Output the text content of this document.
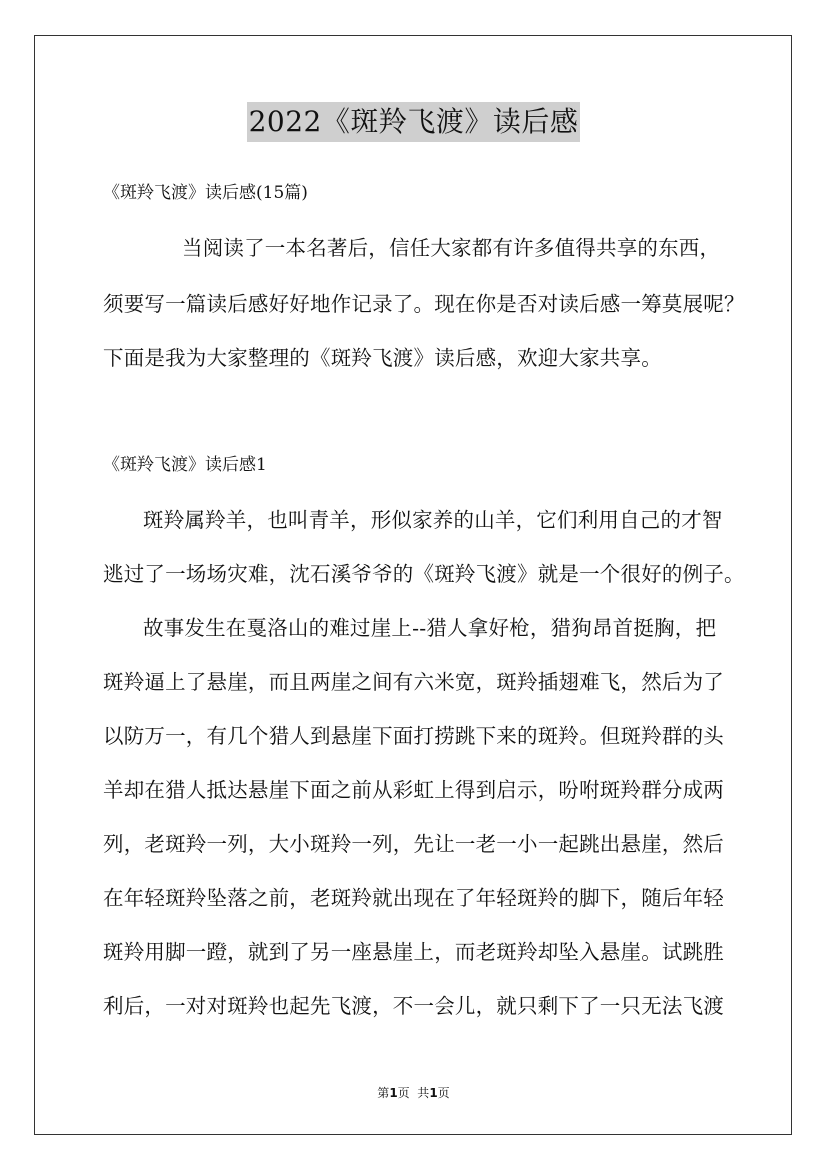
2022《斑羚飞渡》读后感
《斑羚飞渡》读后感(15篇)
当阅读了一本名著后，信任大家都有许多值得共享的东西，
须要写一篇读后感好好地作记录了。现在你是否对读后感一筹莫展呢？
下面是我为大家整理的《斑羚飞渡》读后感，欢迎大家共享。
《斑羚飞渡》读后感1
斑羚属羚羊，也叫青羊，形似家养的山羊，它们利用自己的才智
逃过了一场场灾难，沈石溪爷爷的《斑羚飞渡》就是一个很好的例子。
故事发生在戛洛山的难过崖上--猎人拿好枪，猎狗昂首挺胸，把
斑羚逼上了悬崖，而且两崖之间有六米宽，斑羚插翅难飞，然后为了
以防万一，有几个猎人到悬崖下面打捞跳下来的斑羚。但斑羚群的头
羊却在猎人抵达悬崖下面之前从彩虹上得到启示，吩咐斑羚群分成两
列，老斑羚一列，大小斑羚一列，先让一老一小一起跳出悬崖，然后
在年轻斑羚坠落之前，老斑羚就出现在了年轻斑羚的脚下，随后年轻
斑羚用脚一蹬，就到了另一座悬崖上，而老斑羚却坠入悬崖。试跳胜
利后，一对对斑羚也起先飞渡，不一会儿，就只剩下了一只无法飞渡
第1页  共1页
